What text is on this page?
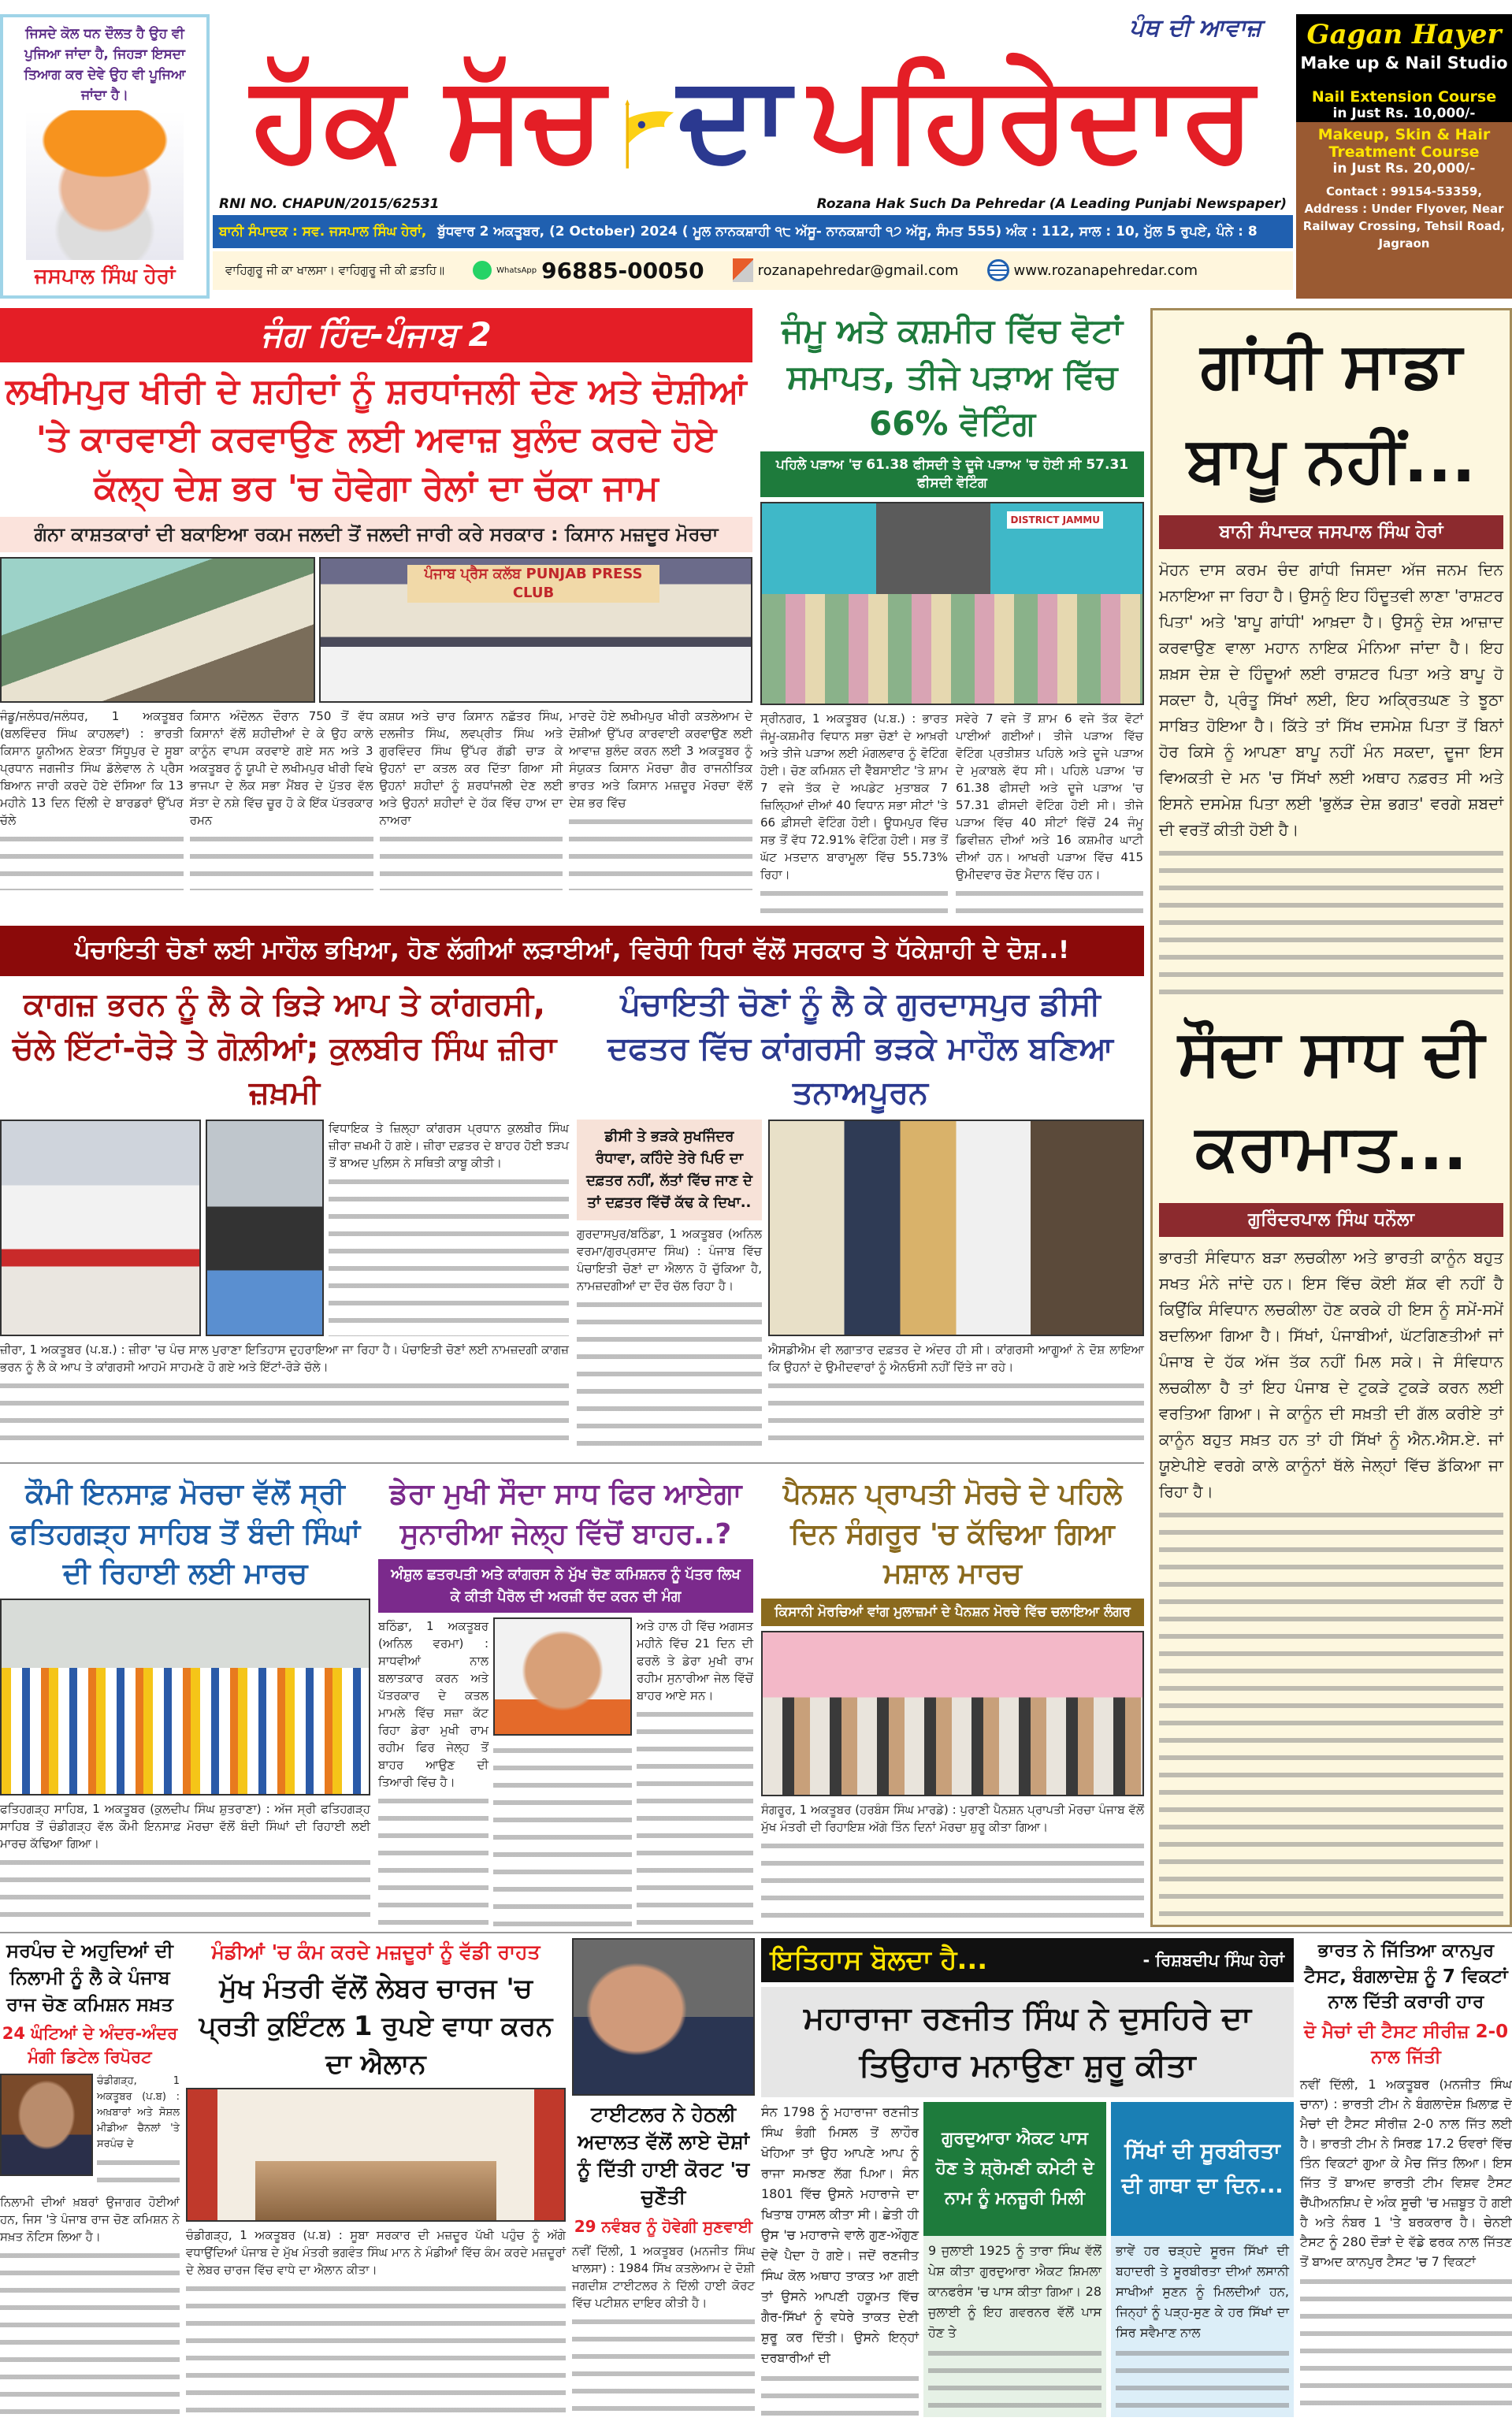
ਜਿਸਦੇ ਕੋਲ ਧਨ ਦੌਲਤ ਹੈ ਉਹ ਵੀ ਪੁਜਿਆ ਜਾਂਦਾ ਹੈ, ਜਿਹੜਾ ਇਸਦਾ ਤਿਆਗ ਕਰ ਦੇਵੇ ਉਹ ਵੀ ਪੂਜਿਆ ਜਾਂਦਾ ਹੈ।
ਜਸਪਾਲ ਸਿੰਘ ਹੇਰਾਂ
ਪੰਥ ਦੀ ਆਵਾਜ਼
ਹੱਕ ਸੱਚ ਦਾ ਪਹਿਰੇਦਾਰ
RNI NO. CHAPUN/2015/62531	Rozana Hak Such Da Pehredar (A Leading Punjabi Newspaper)
ਬਾਨੀ ਸੰਪਾਦਕ : ਸਵ. ਜਸਪਾਲ ਸਿੰਘ ਹੇਰਾਂ, ਬੁੱਧਵਾਰ 2 ਅਕਤੂਬਰ, (2 October) 2024 ( ਮੂਲ ਨਾਨਕਸ਼ਾਹੀ ੧੮ ਅੱਸੂ- ਨਾਨਕਸ਼ਾਹੀ ੧੭ ਅੱਸੂ, ਸੰਮਤ 555) ਅੰਕ : 112, ਸਾਲ : 10, ਮੁੱਲ 5 ਰੁਪਏ, ਪੰਨੇ : 8
ਵਾਹਿਗੁਰੂ ਜੀ ਕਾ ਖਾਲਸਾ। ਵਾਹਿਗੁਰੂ ਜੀ ਕੀ ਫ਼ਤਹਿ॥	WhatsApp 96885-00050	rozanapehredar@gmail.com	www.rozanapehredar.com
Gagan Hayer
Make up & Nail Studio
Nail Extension Course
in Just Rs. 10,000/-
Makeup, Skin & Hair Treatment Course
in Just Rs. 20,000/-
Contact : 99154-53359, Address : Under Flyover, Near Railway Crossing, Tehsil Road, Jagraon
ਜੰਗ ਹਿੰਦ-ਪੰਜਾਬ 2
ਲਖੀਮਪੁਰ ਖੀਰੀ ਦੇ ਸ਼ਹੀਦਾਂ ਨੂੰ ਸ਼ਰਧਾਂਜਲੀ ਦੇਣ ਅਤੇ ਦੋਸ਼ੀਆਂ 'ਤੇ ਕਾਰਵਾਈ ਕਰਵਾਉਣ ਲਈ ਅਵਾਜ਼ ਬੁਲੰਦ ਕਰਦੇ ਹੋਏ ਕੱਲ੍ਹ ਦੇਸ਼ ਭਰ 'ਚ ਹੋਵੇਗਾ ਰੇਲਾਂ ਦਾ ਚੱਕਾ ਜਾਮ
ਗੰਨਾ ਕਾਸ਼ਤਕਾਰਾਂ ਦੀ ਬਕਾਇਆ ਰਕਮ ਜਲਦੀ ਤੋਂ ਜਲਦੀ ਜਾਰੀ ਕਰੇ ਸਰਕਾਰ : ਕਿਸਾਨ ਮਜ਼ਦੂਰ ਮੋਰਚਾ
ਪੰਜਾਬ ਪ੍ਰੈਸ ਕਲੱਬ PUNJAB PRESS CLUB
ਜੰਡੂ/ਜਲੰਧਰ/ਜਲੰਧਰ, 1 ਅਕਤੂਬਰ (ਬਲਵਿੰਦਰ ਸਿੰਘ ਕਾਹਲਵਾਂ) : ਭਾਰਤੀ ਕਿਸਾਨ ਯੂਨੀਅਨ ਏਕਤਾ ਸਿੱਧੂਪੁਰ ਦੇ ਸੂਬਾ ਪ੍ਰਧਾਨ ਜਗਜੀਤ ਸਿੰਘ ਡੱਲੇਵਾਲ ਨੇ ਪ੍ਰੈਸ ਬਿਆਨ ਜਾਰੀ ਕਰਦੇ ਹੋਏ ਦੱਸਿਆ ਕਿ 13 ਮਹੀਨੇ 13 ਦਿਨ ਦਿੱਲੀ ਦੇ ਬਾਰਡਰਾਂ ਉੱਪਰ ਚੱਲੇ
ਕਿਸਾਨ ਅੰਦੋਲਨ ਦੌਰਾਨ 750 ਤੋਂ ਵੱਧ ਕਿਸਾਨਾਂ ਵੱਲੋਂ ਸ਼ਹੀਦੀਆਂ ਦੇ ਕੇ ਉਹ ਕਾਲੇ ਕਾਨੂੰਨ ਵਾਪਸ ਕਰਵਾਏ ਗਏ ਸਨ ਅਤੇ 3 ਅਕਤੂਬਰ ਨੂੰ ਯੂਪੀ ਦੇ ਲਖੀਮਪੁਰ ਖੀਰੀ ਵਿਖੇ ਭਾਜਪਾ ਦੇ ਲੋਕ ਸਭਾ ਮੈਂਬਰ ਦੇ ਪੁੱਤਰ ਵੱਲ ਸੱਤਾ ਦੇ ਨਸ਼ੇ ਵਿੱਚ ਚੂਰ ਹੋ ਕੇ ਇੱਕ ਪੱਤਰਕਾਰ ਰਮਨ
ਕਸ਼ਯ ਅਤੇ ਚਾਰ ਕਿਸਾਨ ਨਛੱਤਰ ਸਿੰਘ, ਦਲਜੀਤ ਸਿੰਘ, ਲਵਪ੍ਰੀਤ ਸਿੰਘ ਅਤੇ ਗੁਰਵਿੰਦਰ ਸਿੰਘ ਉੱਪਰ ਗੱਡੀ ਚਾੜ ਕੇ ਉਹਨਾਂ ਦਾ ਕਤਲ ਕਰ ਦਿੱਤਾ ਗਿਆ ਸੀ ਉਹਨਾਂ ਸ਼ਹੀਦਾਂ ਨੂੰ ਸ਼ਰਧਾਂਜਲੀ ਦੇਣ ਲਈ ਅਤੇ ਉਹਨਾਂ ਸ਼ਹੀਦਾਂ ਦੇ ਹੱਕ ਵਿੱਚ ਹਾਅ ਦਾ ਨਾਅਰਾ
ਮਾਰਦੇ ਹੋਏ ਲਖੀਮਪੁਰ ਖੀਰੀ ਕਤਲੇਆਮ ਦੇ ਦੋਸ਼ੀਆਂ ਉੱਪਰ ਕਾਰਵਾਈ ਕਰਵਾਉਣ ਲਈ ਆਵਾਜ਼ ਬੁਲੰਦ ਕਰਨ ਲਈ 3 ਅਕਤੂਬਰ ਨੂੰ ਸੰਯੁਕਤ ਕਿਸਾਨ ਮੋਰਚਾ ਗੈਰ ਰਾਜਨੀਤਿਕ ਭਾਰਤ ਅਤੇ ਕਿਸਾਨ ਮਜ਼ਦੂਰ ਮੋਰਚਾ ਵੱਲੋਂ ਦੇਸ਼ ਭਰ ਵਿੱਚ
ਜੰਮੂ ਅਤੇ ਕਸ਼ਮੀਰ ਵਿੱਚ ਵੋਟਾਂ ਸਮਾਪਤ, ਤੀਜੇ ਪੜਾਅ ਵਿੱਚ 66% ਵੋਟਿੰਗ
ਪਹਿਲੇ ਪੜਾਅ 'ਚ 61.38 ਫੀਸਦੀ ਤੇ ਦੂਜੇ ਪੜਾਅ 'ਚ ਹੋਈ ਸੀ 57.31 ਫੀਸਦੀ ਵੋਟਿੰਗ
DISTRICT JAMMU
ਸ੍ਰੀਨਗਰ, 1 ਅਕਤੂਬਰ (ਪ.ਬ.) : ਭਾਰਤ ਜੰਮੂ-ਕਸ਼ਮੀਰ ਵਿਧਾਨ ਸਭਾ ਚੋਣਾਂ ਦੇ ਆਖ਼ਰੀ ਅਤੇ ਤੀਜੇ ਪੜਾਅ ਲਈ ਮੰਗਲਵਾਰ ਨੂੰ ਵੋਟਿੰਗ ਹੋਈ। ਚੋਣ ਕਮਿਸ਼ਨ ਦੀ ਵੈੱਬਸਾਈਟ 'ਤੇ ਸ਼ਾਮ 7 ਵਜੇ ਤੱਕ ਦੇ ਅਪਡੇਟ ਮੁਤਾਬਕ 7 ਜ਼ਿਲ੍ਹਿਆਂ ਦੀਆਂ 40 ਵਿਧਾਨ ਸਭਾ ਸੀਟਾਂ 'ਤੇ 66 ਫ਼ੀਸਦੀ ਵੋਟਿੰਗ ਹੋਈ। ਊਧਮਪੁਰ ਵਿੱਚ ਸਭ ਤੋਂ ਵੱਧ 72.91% ਵੋਟਿੰਗ ਹੋਈ। ਸਭ ਤੋਂ ਘੱਟ ਮਤਦਾਨ ਬਾਰਾਮੂਲਾ ਵਿੱਚ 55.73% ਰਿਹਾ।
ਸਵੇਰੇ 7 ਵਜੇ ਤੋਂ ਸ਼ਾਮ 6 ਵਜੇ ਤੱਕ ਵੋਟਾਂ ਪਾਈਆਂ ਗਈਆਂ। ਤੀਜੇ ਪੜਾਅ ਵਿੱਚ ਵੋਟਿੰਗ ਪ੍ਰਤੀਸ਼ਤ ਪਹਿਲੇ ਅਤੇ ਦੂਜੇ ਪੜਾਅ ਦੇ ਮੁਕਾਬਲੇ ਵੱਧ ਸੀ। ਪਹਿਲੇ ਪੜਾਅ 'ਚ 61.38 ਫੀਸਦੀ ਅਤੇ ਦੂਜੇ ਪੜਾਅ 'ਚ 57.31 ਫੀਸਦੀ ਵੋਟਿੰਗ ਹੋਈ ਸੀ। ਤੀਜੇ ਪੜਾਅ ਵਿੱਚ 40 ਸੀਟਾਂ ਵਿੱਚੋਂ 24 ਜੰਮੂ ਡਿਵੀਜ਼ਨ ਦੀਆਂ ਅਤੇ 16 ਕਸ਼ਮੀਰ ਘਾਟੀ ਦੀਆਂ ਹਨ। ਆਖਰੀ ਪੜਾਅ ਵਿੱਚ 415 ਉਮੀਦਵਾਰ ਚੋਣ ਮੈਦਾਨ ਵਿੱਚ ਹਨ।
ਪੰਚਾਇਤੀ ਚੋਣਾਂ ਲਈ ਮਾਹੌਲ ਭਖਿਆ, ਹੋਣ ਲੱਗੀਆਂ ਲੜਾਈਆਂ, ਵਿਰੋਧੀ ਧਿਰਾਂ ਵੱਲੋਂ ਸਰਕਾਰ ਤੇ ਧੱਕੇਸ਼ਾਹੀ ਦੇ ਦੋਸ਼..!
ਕਾਗਜ਼ ਭਰਨ ਨੂੰ ਲੈ ਕੇ ਭਿੜੇ ਆਪ ਤੇ ਕਾਂਗਰਸੀ, ਚੱਲੇ ਇੱਟਾਂ-ਰੋੜੇ ਤੇ ਗੋਲ਼ੀਆਂ; ਕੁਲਬੀਰ ਸਿੰਘ ਜ਼ੀਰਾ ਜ਼ਖ਼ਮੀ
ਵਿਧਾਇਕ ਤੇ ਜ਼ਿਲ੍ਹਾ ਕਾਂਗਰਸ ਪ੍ਰਧਾਨ ਕੁਲਬੀਰ ਸਿੰਘ ਜ਼ੀਰਾ ਜ਼ਖਮੀ ਹੋ ਗਏ। ਜ਼ੀਰਾ ਦਫ਼ਤਰ ਦੇ ਬਾਹਰ ਹੋਈ ਝੜਪ ਤੋਂ ਬਾਅਦ ਪੁਲਿਸ ਨੇ ਸਥਿਤੀ ਕਾਬੂ ਕੀਤੀ।
ਜ਼ੀਰਾ, 1 ਅਕਤੂਬਰ (ਪ.ਬ.) : ਜ਼ੀਰਾ 'ਚ ਪੰਚ ਸਾਲ ਪੁਰਾਣਾ ਇਤਿਹਾਸ ਦੁਹਰਾਇਆ ਜਾ ਰਿਹਾ ਹੈ। ਪੰਚਾਇਤੀ ਚੋਣਾਂ ਲਈ ਨਾਮਜ਼ਦਗੀ ਕਾਗਜ਼ ਭਰਨ ਨੂੰ ਲੈ ਕੇ ਆਪ ਤੇ ਕਾਂਗਰਸੀ ਆਹਮੋ ਸਾਹਮਣੇ ਹੋ ਗਏ ਅਤੇ ਇੱਟਾਂ-ਰੋੜੇ ਚੱਲੇ।
ਪੰਚਾਇਤੀ ਚੋਣਾਂ ਨੂੰ ਲੈ ਕੇ ਗੁਰਦਾਸਪੁਰ ਡੀਸੀ ਦਫਤਰ ਵਿੱਚ ਕਾਂਗਰਸੀ ਭੜਕੇ ਮਾਹੌਲ ਬਣਿਆ ਤਨਾਅਪੂਰਨ
ਡੀਸੀ ਤੇ ਭੜਕੇ ਸੁਖਜਿੰਦਰ ਰੰਧਾਵਾ, ਕਹਿੰਦੇ ਤੇਰੇ ਪਿਓ ਦਾ ਦਫ਼ਤਰ ਨਹੀਂ, ਲੱਤਾਂ ਵਿੱਚ ਜਾਣ ਦੇ ਤਾਂ ਦਫ਼ਤਰ ਵਿੱਚੋਂ ਕੱਢ ਕੇ ਦਿਖਾ..
ਗੁਰਦਾਸਪੁਰ/ਬਠਿੰਡਾ, 1 ਅਕਤੂਬਰ (ਅਨਿਲ ਵਰਮਾ/ਗੁਰਪ੍ਰਸਾਦ ਸਿੰਘ) : ਪੰਜਾਬ ਵਿੱਚ ਪੰਚਾਇਤੀ ਚੋਣਾਂ ਦਾ ਐਲਾਨ ਹੋ ਚੁੱਕਿਆ ਹੈ, ਨਾਮਜ਼ਦਗੀਆਂ ਦਾ ਦੌਰ ਚੱਲ ਰਿਹਾ ਹੈ।
ਐਸਡੀਐਮ ਵੀ ਲਗਾਤਾਰ ਦਫ਼ਤਰ ਦੇ ਅੰਦਰ ਹੀ ਸੀ। ਕਾਂਗਰਸੀ ਆਗੂਆਂ ਨੇ ਦੋਸ਼ ਲਾਇਆ ਕਿ ਉਹਨਾਂ ਦੇ ਉਮੀਦਵਾਰਾਂ ਨੂੰ ਐਨਓਸੀ ਨਹੀਂ ਦਿੱਤੇ ਜਾ ਰਹੇ।
ਕੌਮੀ ਇਨਸਾਫ਼ ਮੋਰਚਾ ਵੱਲੋਂ ਸ੍ਰੀ ਫਤਿਹਗੜ੍ਹ ਸਾਹਿਬ ਤੋਂ ਬੰਦੀ ਸਿੰਘਾਂ ਦੀ ਰਿਹਾਈ ਲਈ ਮਾਰਚ
ਫਤਿਹਗੜ੍ਹ ਸਾਹਿਬ, 1 ਅਕਤੂਬਰ (ਕੁਲਦੀਪ ਸਿੰਘ ਸ਼ੁਤਰਾਣਾ) : ਅੱਜ ਸ੍ਰੀ ਫਤਿਹਗੜ੍ਹ ਸਾਹਿਬ ਤੋਂ ਚੰਡੀਗੜ੍ਹ ਵੱਲ ਕੌਮੀ ਇਨਸਾਫ਼ ਮੋਰਚਾ ਵੱਲੋਂ ਬੰਦੀ ਸਿੰਘਾਂ ਦੀ ਰਿਹਾਈ ਲਈ ਮਾਰਚ ਕੱਢਿਆ ਗਿਆ।
ਡੇਰਾ ਮੁਖੀ ਸੌਦਾ ਸਾਧ ਫਿਰ ਆਏਗਾ ਸੁਨਾਰੀਆ ਜੇਲ੍ਹ ਵਿੱਚੋਂ ਬਾਹਰ..?
ਅੰਸ਼ੁਲ ਛਤਰਪਤੀ ਅਤੇ ਕਾਂਗਰਸ ਨੇ ਮੁੱਖ ਚੋਣ ਕਮਿਸ਼ਨਰ ਨੂੰ ਪੱਤਰ ਲਿਖ ਕੇ ਕੀਤੀ ਪੈਰੋਲ ਦੀ ਅਰਜ਼ੀ ਰੱਦ ਕਰਨ ਦੀ ਮੰਗ
ਬਠਿੰਡਾ, 1 ਅਕਤੂਬਰ (ਅਨਿਲ ਵਰਮਾ) : ਸਾਧਵੀਆਂ ਨਾਲ ਬਲਾਤਕਾਰ ਕਰਨ ਅਤੇ ਪੱਤਰਕਾਰ ਦੇ ਕਤਲ ਮਾਮਲੇ ਵਿੱਚ ਸਜ਼ਾ ਕੱਟ ਰਿਹਾ ਡੇਰਾ ਮੁਖੀ ਰਾਮ ਰਹੀਮ ਫਿਰ ਜੇਲ੍ਹ ਤੋਂ ਬਾਹਰ ਆਉਣ ਦੀ ਤਿਆਰੀ ਵਿੱਚ ਹੈ।
ਅਤੇ ਹਾਲ ਹੀ ਵਿੱਚ ਅਗਸਤ ਮਹੀਨੇ ਵਿੱਚ 21 ਦਿਨ ਦੀ ਫਰਲੋ ਤੇ ਡੇਰਾ ਮੁਖੀ ਰਾਮ ਰਹੀਮ ਸੁਨਾਰੀਆ ਜੇਲ ਵਿੱਚੋਂ ਬਾਹਰ ਆਏ ਸਨ।
ਪੈਨਸ਼ਨ ਪ੍ਰਾਪਤੀ ਮੋਰਚੇ ਦੇ ਪਹਿਲੇ ਦਿਨ ਸੰਗਰੂਰ 'ਚ ਕੱਢਿਆ ਗਿਆ ਮਸ਼ਾਲ ਮਾਰਚ
ਕਿਸਾਨੀ ਮੋਰਚਿਆਂ ਵਾਂਗ ਮੁਲਾਜ਼ਮਾਂ ਦੇ ਪੈਨਸ਼ਨ ਮੋਰਚੇ ਵਿੱਚ ਚਲਾਇਆ ਲੰਗਰ
ਸੰਗਰੂਰ, 1 ਅਕਤੂਬਰ (ਹਰਬੰਸ ਸਿੰਘ ਮਾਰਡੇ) : ਪੁਰਾਣੀ ਪੈਨਸ਼ਨ ਪ੍ਰਾਪਤੀ ਮੋਰਚਾ ਪੰਜਾਬ ਵੱਲੋਂ ਮੁੱਖ ਮੰਤਰੀ ਦੀ ਰਿਹਾਇਸ਼ ਅੱਗੇ ਤਿੰਨ ਦਿਨਾਂ ਮੋਰਚਾ ਸ਼ੁਰੂ ਕੀਤਾ ਗਿਆ।
ਗਾਂਧੀ ਸਾਡਾ ਬਾਪੂ ਨਹੀਂ...
ਬਾਨੀ ਸੰਪਾਦਕ ਜਸਪਾਲ ਸਿੰਘ ਹੇਰਾਂ
ਮੋਹਨ ਦਾਸ ਕਰਮ ਚੰਦ ਗਾਂਧੀ ਜਿਸਦਾ ਅੱਜ ਜਨਮ ਦਿਨ ਮਨਾਇਆ ਜਾ ਰਿਹਾ ਹੈ। ਉਸਨੂੰ ਇਹ ਹਿੰਦੂਤਵੀ ਲਾਣਾ 'ਰਾਸ਼ਟਰ ਪਿਤਾ' ਅਤੇ 'ਬਾਪੂ ਗਾਂਧੀ' ਆਖ਼ਦਾ ਹੈ। ਉਸਨੂੰ ਦੇਸ਼ ਆਜ਼ਾਦ ਕਰਵਾਉਣ ਵਾਲਾ ਮਹਾਨ ਨਾਇਕ ਮੰਨਿਆ ਜਾਂਦਾ ਹੈ। ਇਹ ਸ਼ਖ਼ਸ ਦੇਸ਼ ਦੇ ਹਿੰਦੂਆਂ ਲਈ ਰਾਸ਼ਟਰ ਪਿਤਾ ਅਤੇ ਬਾਪੂ ਹੋ ਸਕਦਾ ਹੈ, ਪ੍ਰੰਤੂ ਸਿੱਖਾਂ ਲਈ, ਇਹ ਅਕ੍ਰਿਤਘਣ ਤੇ ਝੂਠਾ ਸਾਬਿਤ ਹੋਇਆ ਹੈ। ਕਿੱਤੇ ਤਾਂ ਸਿੱਖ ਦਸਮੇਸ਼ ਪਿਤਾ ਤੋਂ ਬਿਨਾਂ ਹੋਰ ਕਿਸੇ ਨੂੰ ਆਪਣਾ ਬਾਪੂ ਨਹੀਂ ਮੰਨ ਸਕਦਾ, ਦੂਜਾ ਇਸ ਵਿਅਕਤੀ ਦੇ ਮਨ 'ਚ ਸਿੱਖਾਂ ਲਈ ਅਥਾਹ ਨਫ਼ਰਤ ਸੀ ਅਤੇ ਇਸਨੇ ਦਸਮੇਸ਼ ਪਿਤਾ ਲਈ 'ਭੁਲੱੜ ਦੇਸ਼ ਭਗਤ' ਵਰਗੇ ਸ਼ਬਦਾਂ ਦੀ ਵਰਤੋਂ ਕੀਤੀ ਹੋਈ ਹੈ।
ਸੌਦਾ ਸਾਧ ਦੀ ਕਰਾਮਾਤ...
ਗੁਰਿੰਦਰਪਾਲ ਸਿੰਘ ਧਨੌਲਾ
ਭਾਰਤੀ ਸੰਵਿਧਾਨ ਬੜਾ ਲਚਕੀਲਾ ਅਤੇ ਭਾਰਤੀ ਕਾਨੂੰਨ ਬਹੁਤ ਸਖਤ ਮੰਨੇ ਜਾਂਦੇ ਹਨ। ਇਸ ਵਿੱਚ ਕੋਈ ਸ਼ੱਕ ਵੀ ਨਹੀਂ ਹੈ ਕਿਉਂਕਿ ਸੰਵਿਧਾਨ ਲਚਕੀਲਾ ਹੋਣ ਕਰਕੇ ਹੀ ਇਸ ਨੂੰ ਸਮੇਂ-ਸਮੇਂ ਬਦਲਿਆ ਗਿਆ ਹੈ। ਸਿੱਖਾਂ, ਪੰਜਾਬੀਆਂ, ਘੱਟਗਿਣਤੀਆਂ ਜਾਂ ਪੰਜਾਬ ਦੇ ਹੱਕ ਅੱਜ ਤੱਕ ਨਹੀਂ ਮਿਲ ਸਕੇ। ਜੇ ਸੰਵਿਧਾਨ ਲਚਕੀਲਾ ਹੈ ਤਾਂ ਇਹ ਪੰਜਾਬ ਦੇ ਟੁਕੜੇ ਟੁਕੜੇ ਕਰਨ ਲਈ ਵਰਤਿਆ ਗਿਆ। ਜੇ ਕਾਨੂੰਨ ਦੀ ਸਖ਼ਤੀ ਦੀ ਗੱਲ ਕਰੀਏ ਤਾਂ ਕਾਨੂੰਨ ਬਹੁਤ ਸਖ਼ਤ ਹਨ ਤਾਂ ਹੀ ਸਿੱਖਾਂ ਨੂੰ ਐਨ.ਐਸ.ਏ. ਜਾਂ ਯੂਏਪੀਏ ਵਰਗੇ ਕਾਲੇ ਕਾਨੂੰਨਾਂ ਥੱਲੇ ਜੇਲ੍ਹਾਂ ਵਿੱਚ ਡੱਕਿਆ ਜਾ ਰਿਹਾ ਹੈ।
ਸਰਪੰਚ ਦੇ ਅਹੁਦਿਆਂ ਦੀ ਨਿਲਾਮੀ ਨੂੰ ਲੈ ਕੇ ਪੰਜਾਬ ਰਾਜ ਚੋਣ ਕਮਿਸ਼ਨ ਸਖ਼ਤ
24 ਘੰਟਿਆਂ ਦੇ ਅੰਦਰ-ਅੰਦਰ ਮੰਗੀ ਡਿਟੇਲ ਰਿਪੋਰਟ
ਚੰਡੀਗੜ੍ਹ, 1 ਅਕਤੂਬਰ (ਪ.ਬ) : ਅਖ਼ਬਾਰਾਂ ਅਤੇ ਸੋਸ਼ਲ ਮੀਡੀਆ ਚੈਨਲਾਂ 'ਤੇ ਸਰਪੰਚ ਦੇ
ਨਿਲਾਮੀ ਦੀਆਂ ਖ਼ਬਰਾਂ ਉਜਾਗਰ ਹੋਈਆਂ ਹਨ, ਜਿਸ 'ਤੇ ਪੰਜਾਬ ਰਾਜ ਚੋਣ ਕਮਿਸ਼ਨ ਨੇ ਸਖ਼ਤ ਨੋਟਿਸ ਲਿਆ ਹੈ।
ਮੰਡੀਆਂ 'ਚ ਕੰਮ ਕਰਦੇ ਮਜ਼ਦੂਰਾਂ ਨੂੰ ਵੱਡੀ ਰਾਹਤ
ਮੁੱਖ ਮੰਤਰੀ ਵੱਲੋਂ ਲੇਬਰ ਚਾਰਜ 'ਚ ਪ੍ਰਤੀ ਕੁਇੰਟਲ 1 ਰੁਪਏ ਵਾਧਾ ਕਰਨ ਦਾ ਐਲਾਨ
ਚੰਡੀਗੜ੍ਹ, 1 ਅਕਤੂਬਰ (ਪ.ਬ) : ਸੂਬਾ ਸਰਕਾਰ ਦੀ ਮਜ਼ਦੂਰ ਪੱਖੀ ਪਹੁੰਚ ਨੂੰ ਅੱਗੇ ਵਧਾਉਂਦਿਆਂ ਪੰਜਾਬ ਦੇ ਮੁੱਖ ਮੰਤਰੀ ਭਗਵੰਤ ਸਿੰਘ ਮਾਨ ਨੇ ਮੰਡੀਆਂ ਵਿੱਚ ਕੰਮ ਕਰਦੇ ਮਜ਼ਦੂਰਾਂ ਦੇ ਲੇਬਰ ਚਾਰਜ ਵਿੱਚ ਵਾਧੇ ਦਾ ਐਲਾਨ ਕੀਤਾ।
ਟਾਈਟਲਰ ਨੇ ਹੇਠਲੀ ਅਦਾਲਤ ਵੱਲੋਂ ਲਾਏ ਦੋਸ਼ਾਂ ਨੂੰ ਦਿੱਤੀ ਹਾਈ ਕੋਰਟ 'ਚ ਚੁਣੌਤੀ
29 ਨਵੰਬਰ ਨੂੰ ਹੋਵੇਗੀ ਸੁਣਵਾਈ
ਨਵੀਂ ਦਿੱਲੀ, 1 ਅਕਤੂਬਰ (ਮਨਜੀਤ ਸਿੰਘ ਖਾਲਸਾ) : 1984 ਸਿੱਖ ਕਤਲੇਆਮ ਦੇ ਦੋਸ਼ੀ ਜਗਦੀਸ਼ ਟਾਈਟਲਰ ਨੇ ਦਿੱਲੀ ਹਾਈ ਕੋਰਟ ਵਿੱਚ ਪਟੀਸ਼ਨ ਦਾਇਰ ਕੀਤੀ ਹੈ।
ਇਤਿਹਾਸ ਬੋਲਦਾ ਹੈ...	- ਰਿਸ਼ਬਦੀਪ ਸਿੰਘ ਹੇਰਾਂ
ਮਹਾਰਾਜਾ ਰਣਜੀਤ ਸਿੰਘ ਨੇ ਦੁਸਹਿਰੇ ਦਾ ਤਿਉਹਾਰ ਮਨਾਉਣਾ ਸ਼ੁਰੂ ਕੀਤਾ
ਸੰਨ 1798 ਨੂੰ ਮਹਾਰਾਜਾ ਰਣਜੀਤ ਸਿੰਘ ਭੰਗੀ ਮਿਸਲ ਤੋਂ ਲਾਹੌਰ ਖੋਹਿਆ ਤਾਂ ਉਹ ਆਪਣੇ ਆਪ ਨੂੰ ਰਾਜਾ ਸਮਝਣ ਲੱਗ ਪਿਆ। ਸੰਨ 1801 ਵਿੱਚ ਉਸਨੇ ਮਹਾਰਾਜੇ ਦਾ ਖਿਤਾਬ ਹਾਸਲ ਕੀਤਾ ਸੀ। ਛੇਤੀ ਹੀ ਉਸ 'ਚ ਮਹਾਰਾਜੇ ਵਾਲੇ ਗੁਣ-ਔਗੁਣ ਦੋਵੇਂ ਪੈਦਾ ਹੋ ਗਏ। ਜਦੋਂ ਰਣਜੀਤ ਸਿੰਘ ਕੋਲ ਅਥਾਹ ਤਾਕਤ ਆ ਗਈ ਤਾਂ ਉਸਨੇ ਆਪਣੀ ਹਕੂਮਤ ਵਿੱਚ ਗੈਰ-ਸਿੱਖਾਂ ਨੂੰ ਵਧੇਰੇ ਤਾਕਤ ਦੇਣੀ ਸ਼ੁਰੂ ਕਰ ਦਿੱਤੀ। ਉਸਨੇ ਇਨ੍ਹਾਂ ਦਰਬਾਰੀਆਂ ਦੀ
ਗੁਰਦੁਆਰਾ ਐਕਟ ਪਾਸ ਹੋਣ ਤੇ ਸ਼੍ਰੋਮਣੀ ਕਮੇਟੀ ਦੇ ਨਾਮ ਨੂੰ ਮਨਜ਼ੂਰੀ ਮਿਲੀ
9 ਜੁਲਾਈ 1925 ਨੂੰ ਤਾਰਾ ਸਿੰਘ ਵੱਲੋਂ ਪੇਸ਼ ਕੀਤਾ ਗੁਰਦੁਆਰਾ ਐਕਟ ਸ਼ਿਮਲਾ ਕਾਨਫਰੰਸ 'ਚ ਪਾਸ ਕੀਤਾ ਗਿਆ। 28 ਜੁਲਾਈ ਨੂੰ ਇਹ ਗਵਰਨਰ ਵੱਲੋਂ ਪਾਸ ਹੋਣ ਤੇ
ਸਿੱਖਾਂ ਦੀ ਸੂਰਬੀਰਤਾ ਦੀ ਗਾਥਾ ਦਾ ਦਿਨ...
ਭਾਵੇਂ ਹਰ ਚੜ੍ਹਦੇ ਸੂਰਜ ਸਿੱਖਾਂ ਦੀ ਬਹਾਦਰੀ ਤੇ ਸੂਰਬੀਰਤਾ ਦੀਆਂ ਲਸਾਨੀ ਸਾਖੀਆਂ ਸੁਣਨ ਨੂੰ ਮਿਲਦੀਆਂ ਹਨ, ਜਿਨ੍ਹਾਂ ਨੂੰ ਪੜ੍ਹ-ਸੁਣ ਕੇ ਹਰ ਸਿੱਖਾਂ ਦਾ ਸਿਰ ਸਵੈਮਾਣ ਨਾਲ
ਭਾਰਤ ਨੇ ਜਿੱਤਿਆ ਕਾਨਪੁਰ ਟੈਸਟ, ਬੰਗਲਾਦੇਸ਼ ਨੂੰ 7 ਵਿਕਟਾਂ ਨਾਲ ਦਿੱਤੀ ਕਰਾਰੀ ਹਾਰ
ਦੋ ਮੈਚਾਂ ਦੀ ਟੈਸਟ ਸੀਰੀਜ਼ 2-0 ਨਾਲ ਜਿੱਤੀ
ਨਵੀਂ ਦਿੱਲੀ, 1 ਅਕਤੂਬਰ (ਮਨਜੀਤ ਸਿੰਘ ਚਾਨਾ) : ਭਾਰਤੀ ਟੀਮ ਨੇ ਬੰਗਲਾਦੇਸ਼ ਖ਼ਿਲਾਫ਼ ਦੋ ਮੈਚਾਂ ਦੀ ਟੈਸਟ ਸੀਰੀਜ਼ 2-0 ਨਾਲ ਜਿੱਤ ਲਈ ਹੈ। ਭਾਰਤੀ ਟੀਮ ਨੇ ਸਿਰਫ਼ 17.2 ਓਵਰਾਂ ਵਿੱਚ ਤਿੰਨ ਵਿਕਟਾਂ ਗੁਆ ਕੇ ਮੈਚ ਜਿੱਤ ਲਿਆ। ਇਸ ਜਿੱਤ ਤੋਂ ਬਾਅਦ ਭਾਰਤੀ ਟੀਮ ਵਿਸ਼ਵ ਟੈਸਟ ਚੈਂਪੀਅਨਸ਼ਿਪ ਦੇ ਅੰਕ ਸੂਚੀ 'ਚ ਮਜ਼ਬੂਤ ਹੋ ਗਈ ਹੈ ਅਤੇ ਨੰਬਰ 1 'ਤੇ ਬਰਕਰਾਰ ਹੈ। ਚੇਨਈ ਟੈਸਟ ਨੂੰ 280 ਦੌੜਾਂ ਦੇ ਵੱਡੇ ਫਰਕ ਨਾਲ ਜਿੱਤਣ ਤੋਂ ਬਾਅਦ ਕਾਨਪੁਰ ਟੈਸਟ 'ਚ 7 ਵਿਕਟਾਂ
